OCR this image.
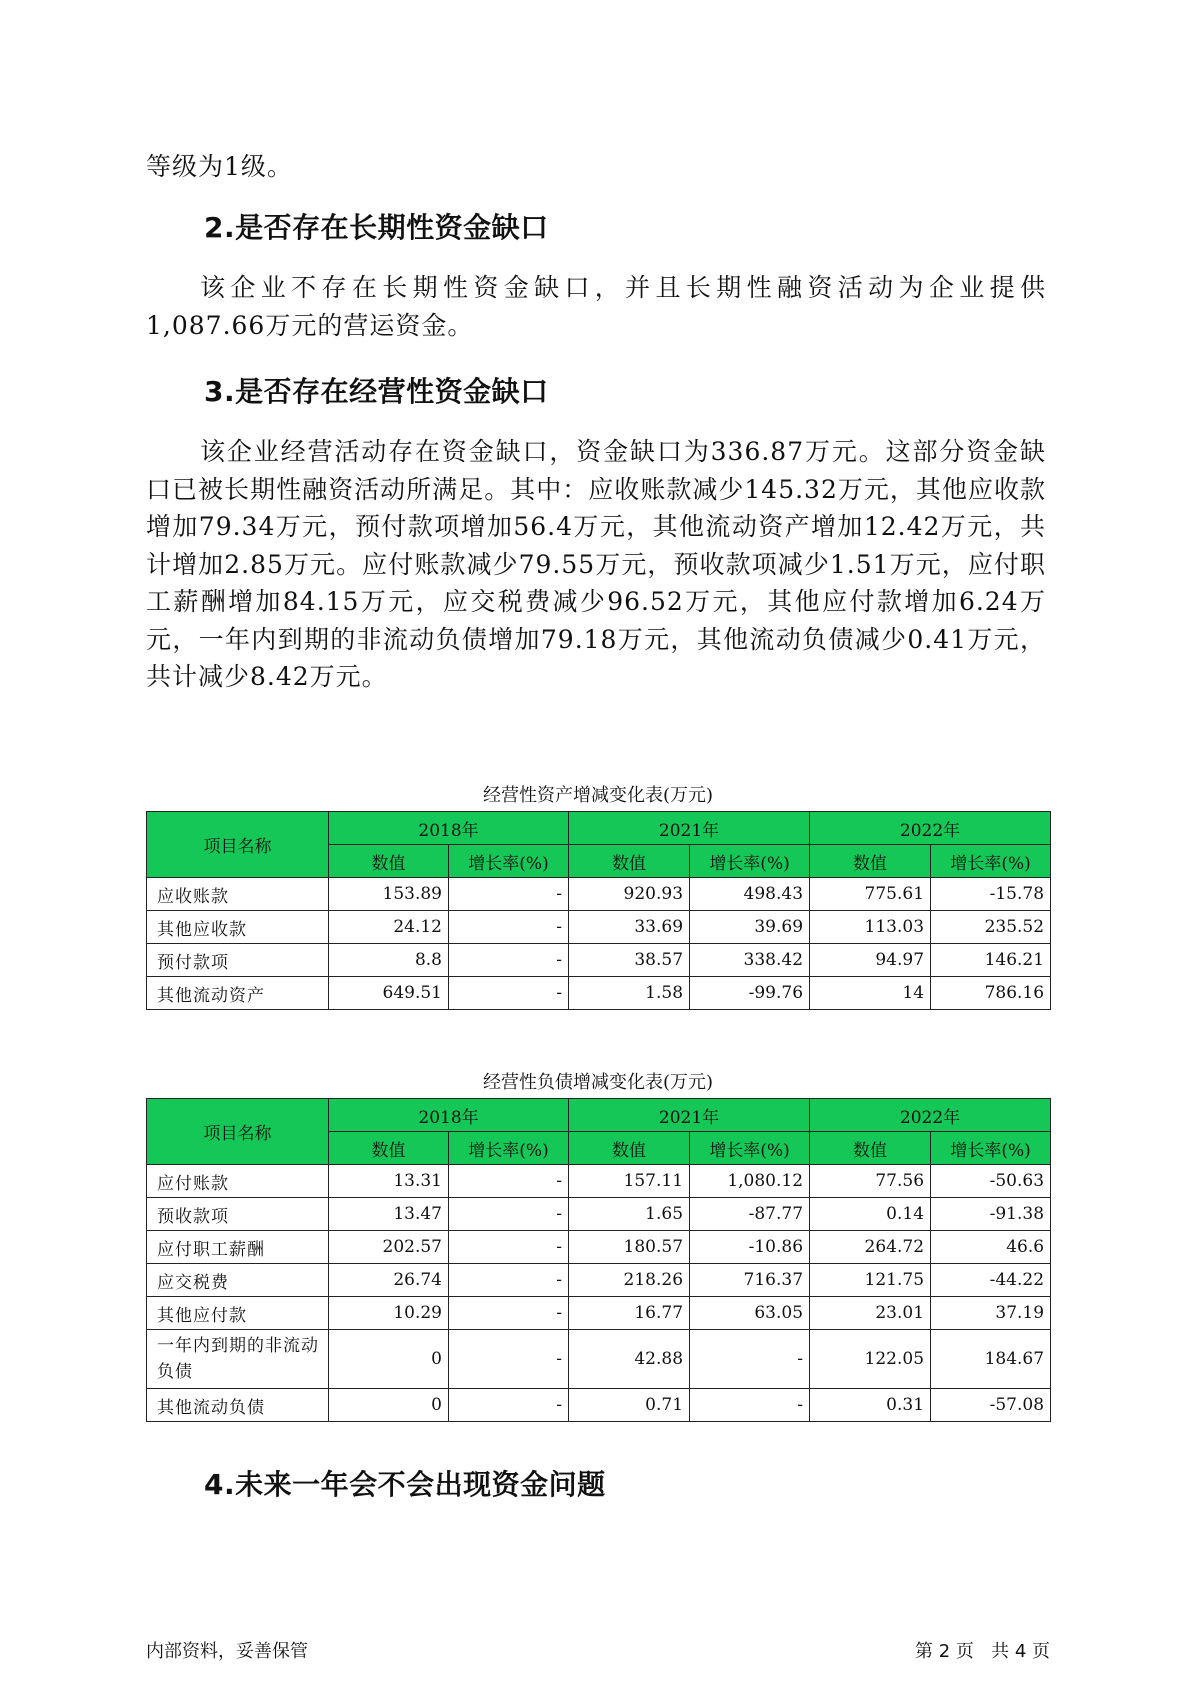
等级为1级。

2.是否存在长期性资金缺口

该企业不存在长期性资金缺口，并且长期性融资活动为企业提供1,087.66万元的营运资金。

3.是否存在经营性资金缺口

该企业经营活动存在资金缺口，资金缺口为336.87万元。这部分资金缺口已被长期性融资活动所满足。其中：应收账款减少145.32万元，其他应收款增加79.34万元，预付款项增加56.4万元，其他流动资产增加12.42万元，共计增加2.85万元。应付账款减少79.55万元，预收款项减少1.51万元，应付职工薪酬增加84.15万元，应交税费减少96.52万元，其他应付款增加6.24万元，一年内到期的非流动负债增加79.18万元，其他流动负债减少0.41万元，共计减少8.42万元。

经营性资产增减变化表(万元)
项目名称	2018年		2021年		2022年	
	数值	增长率(%)	数值	增长率(%)	数值	增长率(%)
应收账款	153.89	-	920.93	498.43	775.61	-15.78
其他应收款	24.12	-	33.69	39.69	113.03	235.52
预付款项	8.8	-	38.57	338.42	94.97	146.21
其他流动资产	649.51	-	1.58	-99.76	14	786.16
经营性负债增减变化表(万元)
项目名称	2018年		2021年		2022年	
	数值	增长率(%)	数值	增长率(%)	数值	增长率(%)
应付账款	13.31	-	157.11	1,080.12	77.56	-50.63
预收款项	13.47	-	1.65	-87.77	0.14	-91.38
应付职工薪酬	202.57	-	180.57	-10.86	264.72	46.6
应交税费	26.74	-	218.26	716.37	121.75	-44.22
其他应付款	10.29	-	16.77	63.05	23.01	37.19
一年内到期的非流动负债	0	-	42.88	-	122.05	184.67
其他流动负债	0	-	0.71	-	0.31	-57.08
4.未来一年会不会出现资金问题
内部资料，妥善保管	第 2 页   共 4 页
